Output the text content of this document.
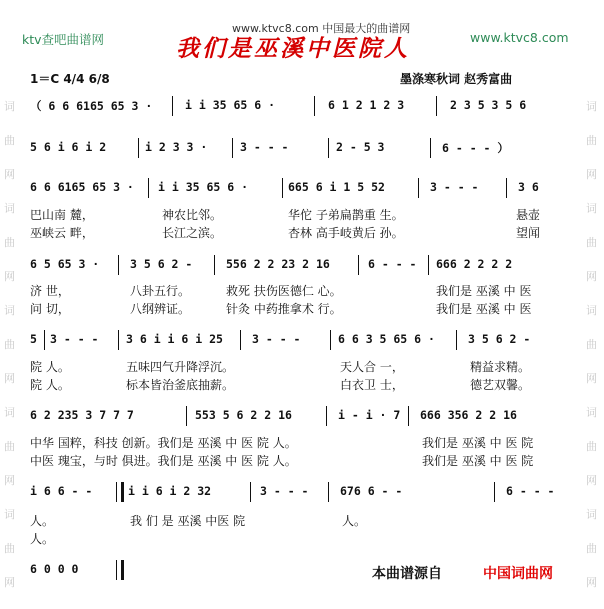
词曲网词曲网词曲网词曲网词曲网
词曲网词曲网词曲网词曲网词曲网
ktv查吧曲谱网
www.ktvc8.com 中国最大的曲谱网
www.ktvc8.com
我们是巫溪中医院人
1＝C 4/4 6/8	墨涤寒秋词 赵秀富曲
（ 6 6 6165 65 3 ·	i i 35 65 6 ·	6 1 2 1 2 3	2 3 5 3 5 6
5 6 i 6 i 2	i 2 3 3 ·	3 - - -	2 - 5 3	6 - - - ）
6 6 6165 65 3 · i i 35 65 6 ·	665 6 i 1 5 52	3 - - -	3 6
6 5 65 3 ·	3 5 6 2 -	556 2 2 23 2 16	6 - - - 666 2 2 2 2
5 3 - - - 3 6 i i 6 i 25	3 - - -	6 6 3 5 65 6 ·	3 5 6 2 -
6 2 235 3 7 7 7	553 5 6 2 2 16	i - i · 7 666 356 2 2 16
i 6 6 - -	i i 6 i 2 32	3 - - -	676 6 - -	6 - - -
6 0 0 0
巴山南 麓，	神农比邻。	华佗 子弟扁鹊重 生。	悬壶
巫峡云 畔，	长江之滨。	杏林 高手岐黄后 孙。	望闻
济 世，	八卦五行。	救死 扶伤医德仁 心。	我们是 巫溪 中 医
问 切，	八纲辨证。	针灸 中药推拿术 行。	我们是 巫溪 中 医
院 人。	五味四气升降浮沉。	天人合 一，	精益求精。
院 人。	标本皆治釜底抽薪。	白衣卫 士，	德艺双馨。
中华 国粹，科技 创新。我们是 巫溪 中 医 院 人。	我们是 巫溪 中 医 院
中医 瑰宝，与时 俱进。我们是 巫溪 中 医 院 人。	我们是 巫溪 中 医 院
人。	我 们 是 巫溪 中医 院	人。
人。
本曲谱源自	中国词曲网
